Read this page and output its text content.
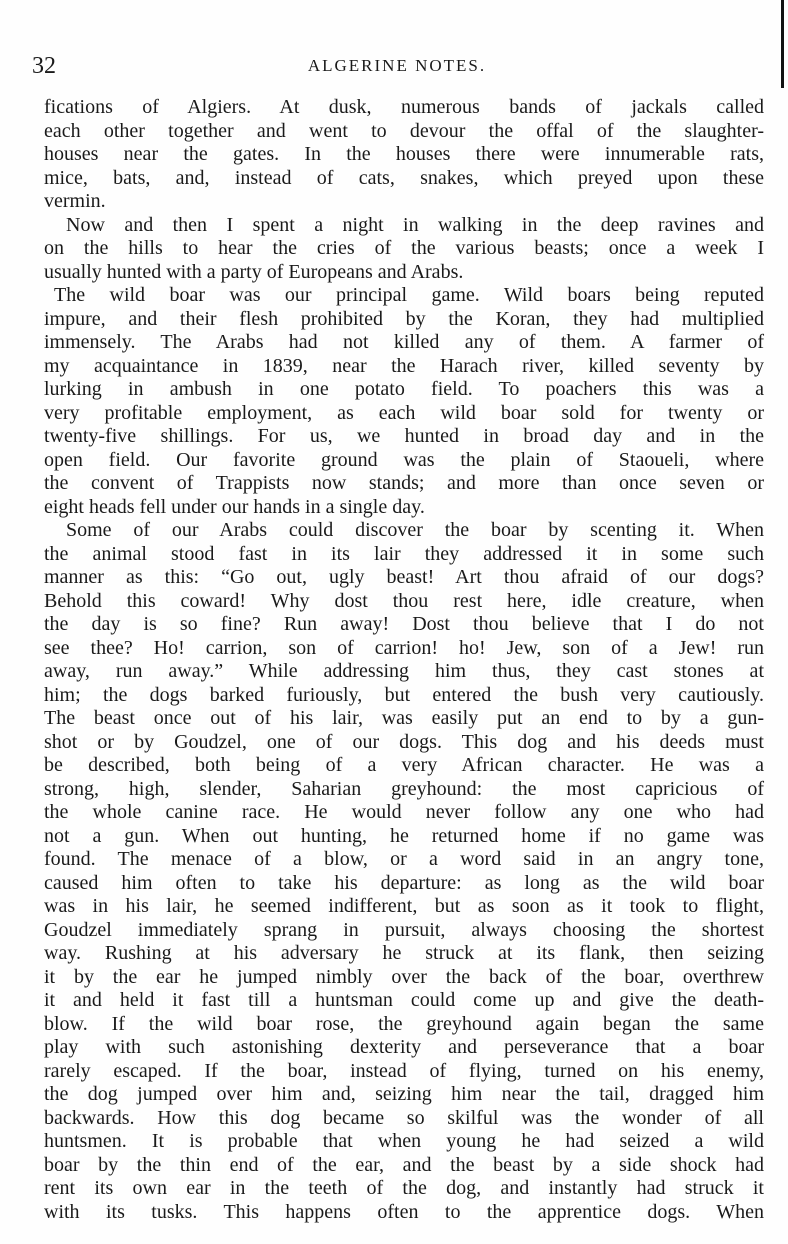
32	ALGERINE NOTES.
fications of Algiers. At dusk, numerous bands of jackals called
each other together and went to devour the offal of the slaughter-
houses near the gates. In the houses there were innumerable rats,
mice, bats, and, instead of cats, snakes, which preyed upon these
vermin.
Now and then I spent a night in walking in the deep ravines and
on the hills to hear the cries of the various beasts; once a week I
usually hunted with a party of Europeans and Arabs.
The wild boar was our principal game. Wild boars being reputed
impure, and their flesh prohibited by the Koran, they had multiplied
immensely. The Arabs had not killed any of them. A farmer of
my acquaintance in 1839, near the Harach river, killed seventy by
lurking in ambush in one potato field. To poachers this was a
very profitable employment, as each wild boar sold for twenty or
twenty-five shillings. For us, we hunted in broad day and in the
open field. Our favorite ground was the plain of Staoueli, where
the convent of Trappists now stands; and more than once seven or
eight heads fell under our hands in a single day.
Some of our Arabs could discover the boar by scenting it. When
the animal stood fast in its lair they addressed it in some such
manner as this: “Go out, ugly beast! Art thou afraid of our dogs?
Behold this coward! Why dost thou rest here, idle creature, when
the day is so fine? Run away! Dost thou believe that I do not
see thee? Ho! carrion, son of carrion! ho! Jew, son of a Jew! run
away, run away.” While addressing him thus, they cast stones at
him; the dogs barked furiously, but entered the bush very cautiously.
The beast once out of his lair, was easily put an end to by a gun-
shot or by Goudzel, one of our dogs. This dog and his deeds must
be described, both being of a very African character. He was a
strong, high, slender, Saharian greyhound: the most capricious of
the whole canine race. He would never follow any one who had
not a gun. When out hunting, he returned home if no game was
found. The menace of a blow, or a word said in an angry tone,
caused him often to take his departure: as long as the wild boar
was in his lair, he seemed indifferent, but as soon as it took to flight,
Goudzel immediately sprang in pursuit, always choosing the shortest
way. Rushing at his adversary he struck at its flank, then seizing
it by the ear he jumped nimbly over the back of the boar, overthrew
it and held it fast till a huntsman could come up and give the death-
blow. If the wild boar rose, the greyhound again began the same
play with such astonishing dexterity and perseverance that a boar
rarely escaped. If the boar, instead of flying, turned on his enemy,
the dog jumped over him and, seizing him near the tail, dragged him
backwards. How this dog became so skilful was the wonder of all
huntsmen. It is probable that when young he had seized a wild
boar by the thin end of the ear, and the beast by a side shock had
rent its own ear in the teeth of the dog, and instantly had struck it
with its tusks. This happens often to the apprentice dogs. When
